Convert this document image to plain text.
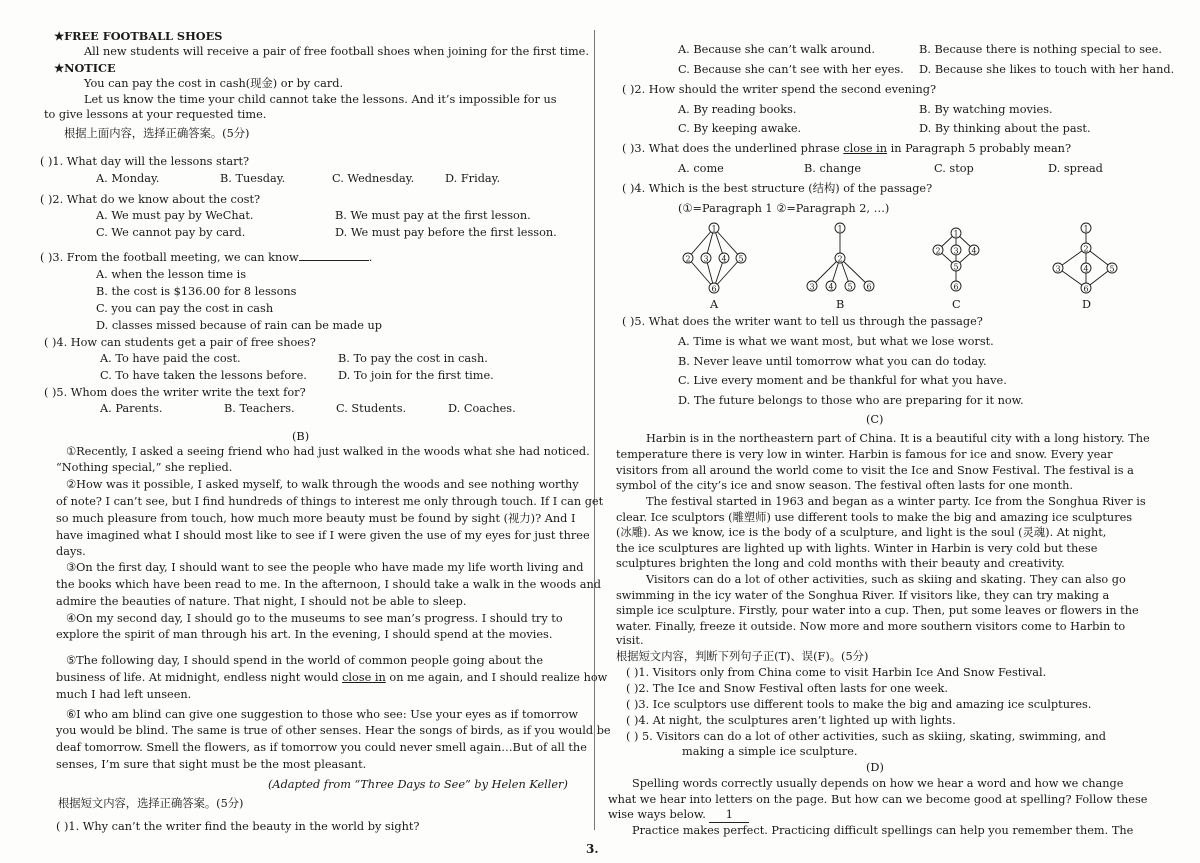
★FREE FOOTBALL SHOES
All new students will receive a pair of free football shoes when joining for the first time.
★NOTICE
You can pay the cost in cash(现金) or by card.
Let us know the time your child cannot take the lessons. And it’s impossible for us
to give lessons at your requested time.
根据上面内容，选择正确答案。(5分)
( )1. What day will the lessons start?
A. Monday.	B. Tuesday.	C. Wednesday.	D. Friday.
( )2. What do we know about the cost?
A. We must pay by WeChat.	B. We must pay at the first lesson.
C. We cannot pay by card.	D. We must pay before the first lesson.
( )3. From the football meeting, we can know	.
A. when the lesson time is
B. the cost is $136.00 for 8 lessons
C. you can pay the cost in cash
D. classes missed because of rain can be made up
( )4. How can students get a pair of free shoes?
A. To have paid the cost.	B. To pay the cost in cash.
C. To have taken the lessons before.	D. To join for the first time.
( )5. Whom does the writer write the text for?
A. Parents.	B. Teachers.	C. Students.	D. Coaches.
(B)
①Recently, I asked a seeing friend who had just walked in the woods what she had noticed.
“Nothing special,” she replied.
②How was it possible, I asked myself, to walk through the woods and see nothing worthy
of note? I can’t see, but I find hundreds of things to interest me only through touch. If I can get
so much pleasure from touch, how much more beauty must be found by sight (视力)? And I
have imagined what I should most like to see if I were given the use of my eyes for just three
days.
③On the first day, I should want to see the people who have made my life worth living and
the books which have been read to me. In the afternoon, I should take a walk in the woods and
admire the beauties of nature. That night, I should not be able to sleep.
④On my second day, I should go to the museums to see man’s progress. I should try to
explore the spirit of man through his art. In the evening, I should spend at the movies.
⑤The following day, I should spend in the world of common people going about the
business of life. At midnight, endless night would close in on me again, and I should realize how
much I had left unseen.
⑥I who am blind can give one suggestion to those who see: Use your eyes as if tomorrow
you would be blind. The same is true of other senses. Hear the songs of birds, as if you would be
deaf tomorrow. Smell the flowers, as if tomorrow you could never smell again…But of all the
senses, I’m sure that sight must be the most pleasant.
(Adapted from “Three Days to See” by Helen Keller)
根据短文内容，选择正确答案。(5分)
( )1. Why can’t the writer find the beauty in the world by sight?
A. Because she can’t walk around.	B. Because there is nothing special to see.
C. Because she can’t see with her eyes. D. Because she likes to touch with her hand.
( )2. How should the writer spend the second evening?
A. By reading books.	B. By watching movies.
C. By keeping awake.	D. By thinking about the past.
( )3. What does the underlined phrase close in in Paragraph 5 probably mean?
A. come	B. change	C. stop	D. spread
( )4. Which is the best structure (结构) of the passage?
(①=Paragraph 1 ②=Paragraph 2, …)
1
2 3 4 5
6
1
2
3 4 5 6
1
2 3 4
5
6
1
2
3	4	5
6
A	B	C	D
( )5. What does the writer want to tell us through the passage?
A. Time is what we want most, but what we lose worst.
B. Never leave until tomorrow what you can do today.
C. Live every moment and be thankful for what you have.
D. The future belongs to those who are preparing for it now.
(C)
Harbin is in the northeastern part of China. It is a beautiful city with a long history. The
temperature there is very low in winter. Harbin is famous for ice and snow. Every year
visitors from all around the world come to visit the Ice and Snow Festival. The festival is a
symbol of the city’s ice and snow season. The festival often lasts for one month.
The festival started in 1963 and began as a winter party. Ice from the Songhua River is
clear. Ice sculptors (雕塑师) use different tools to make the big and amazing ice sculptures
(冰雕). As we know, ice is the body of a sculpture, and light is the soul (灵魂). At night,
the ice sculptures are lighted up with lights. Winter in Harbin is very cold but these
sculptures brighten the long and cold months with their beauty and creativity.
Visitors can do a lot of other activities, such as skiing and skating. They can also go
swimming in the icy water of the Songhua River. If visitors like, they can try making a
simple ice sculpture. Firstly, pour water into a cup. Then, put some leaves or flowers in the
water. Finally, freeze it outside. Now more and more southern visitors come to Harbin to
visit.
根据短文内容，判断下列句子正(T)、误(F)。(5分)
( )1. Visitors only from China come to visit Harbin Ice And Snow Festival.
( )2. The Ice and Snow Festival often lasts for one week.
( )3. Ice sculptors use different tools to make the big and amazing ice sculptures.
( )4. At night, the sculptures aren’t lighted up with lights.
( ) 5. Visitors can do a lot of other activities, such as skiing, skating, swimming, and
making a simple ice sculpture.
(D)
Spelling words correctly usually depends on how we hear a word and how we change
what we hear into letters on the page. But how can we become good at spelling? Follow these
wise ways below. 1
Practice makes perfect. Practicing difficult spellings can help you remember them. The
3.
